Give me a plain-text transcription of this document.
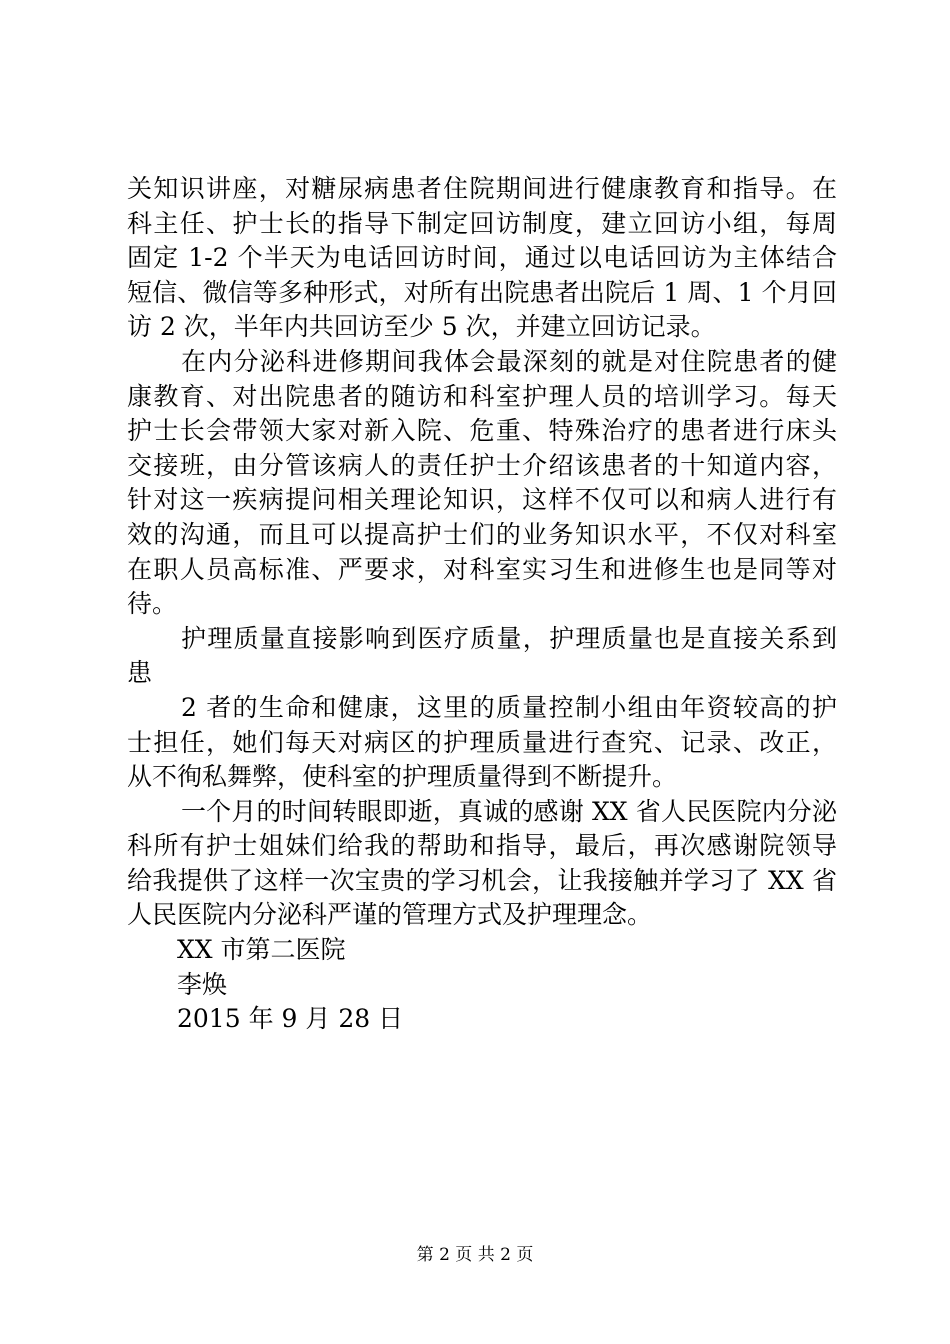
关知识讲座，对糖尿病患者住院期间进行健康教育和指导。在
科主任、护士长的指导下制定回访制度，建立回访小组，每周
固定 1-2 个半天为电话回访时间，通过以电话回访为主体结合
短信、微信等多种形式，对所有出院患者出院后 1 周、1 个月回
访 2 次，半年内共回访至少 5 次，并建立回访记录。
在内分泌科进修期间我体会最深刻的就是对住院患者的健
康教育、对出院患者的随访和科室护理人员的培训学习。每天
护士长会带领大家对新入院、危重、特殊治疗的患者进行床头
交接班，由分管该病人的责任护士介绍该患者的十知道内容，
针对这一疾病提问相关理论知识，这样不仅可以和病人进行有
效的沟通，而且可以提高护士们的业务知识水平，不仅对科室
在职人员高标准、严要求，对科室实习生和进修生也是同等对
待。
护理质量直接影响到医疗质量，护理质量也是直接关系到
患
2 者的生命和健康，这里的质量控制小组由年资较高的护
士担任，她们每天对病区的护理质量进行查究、记录、改正，
从不徇私舞弊，使科室的护理质量得到不断提升。
一个月的时间转眼即逝，真诚的感谢 XX 省人民医院内分泌
科所有护士姐妹们给我的帮助和指导，最后，再次感谢院领导
给我提供了这样一次宝贵的学习机会，让我接触并学习了 XX 省
人民医院内分泌科严谨的管理方式及护理理念。
XX 市第二医院
李焕
2015 年 9 月 28 日
第 2 页 共 2 页
